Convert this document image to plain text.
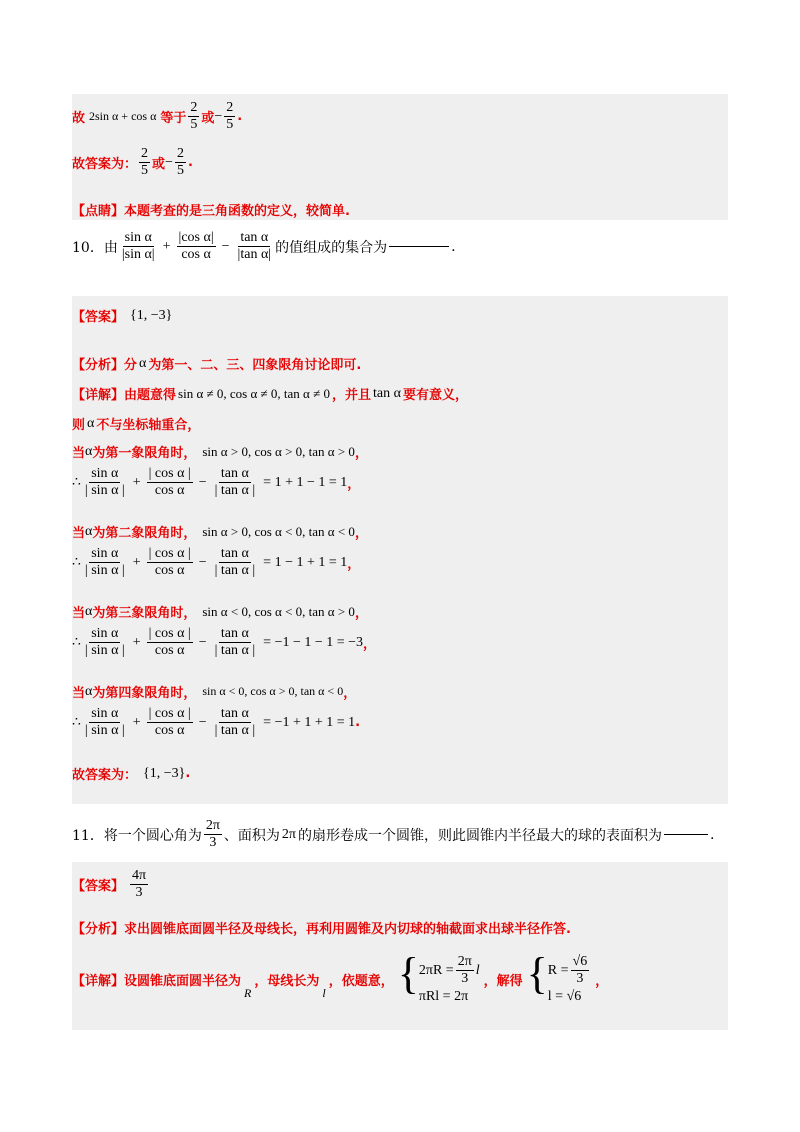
故 2sin α + cos α 等于 $\frac{2}{5}$ 或 − $\frac{2}{5}$ .
故答案为： $\frac{2}{5}$ 或 − $\frac{2}{5}$ .
【点睛】本题考查的是三角函数的定义，较简单.
10．由 $\frac{\text{sin α}}{\text{|sin α|}} + \frac{\text{|cos α|}}{\text{cos α}} - \frac{\text{tan α}}{\text{|tan α|}}$ 的值组成的集合为	.
【答案】 {1, −3}
【分析】 分 α 为第一、二、三、四象限角讨论即可.
【详解】 由题意得 sin α ≠ 0, cos α ≠ 0, tan α ≠ 0 ，并且 tan α 要有意义，
则 α 不与坐标轴重合，
当 α 为第一象限角时， sin α > 0, cos α > 0, tan α > 0 ，
∴ $\frac{\text{sin α}}{\text{| sin α |}} + \frac{\text{| cos α |}}{\text{cos α}} - \frac{\text{tan α}}{\text{| tan α |}} = 1 + 1 - 1 = 1$ ，
当 α 为第二象限角时， sin α > 0, cos α < 0, tan α < 0 ，
∴ $\frac{\text{sin α}}{\text{| sin α |}} + \frac{\text{| cos α |}}{\text{cos α}} - \frac{\text{tan α}}{\text{| tan α |}} = 1 - 1 + 1 = 1$ ，
当 α 为第三象限角时， sin α < 0, cos α < 0, tan α > 0 ，
∴ $\frac{\text{sin α}}{\text{| sin α |}} + \frac{\text{| cos α |}}{\text{cos α}} - \frac{\text{tan α}}{\text{| tan α |}} = -1 - 1 - 1 = -3$ ，
当 α 为第四象限角时， sin α < 0, cos α > 0, tan α < 0 ，
∴ $\frac{\text{sin α}}{\text{| sin α |}} + \frac{\text{| cos α |}}{\text{cos α}} - \frac{\text{tan α}}{\text{| tan α |}} = -1 + 1 + 1 = 1$ .
故答案为： {1, −3} .
11．将一个圆心角为 $\frac{2\pi}{3}$ 、面积为 2π 的扇形卷成一个圆锥，则此圆锥内半径最大的球的表面积为	.
【答案】 $\frac{4\pi}{3}$
【分析】求出圆锥底面圆半径及母线长，再利用圆锥及内切球的轴截面求出球半径作答.
【详解】 设圆锥底面圆半径为
R
，母线长为
l
，依题意， { $2\pi R = \frac{2\pi}{3}$ l
πRl = 2π
，解得 { $R = \frac{√6}{3}$
l = √6
，
